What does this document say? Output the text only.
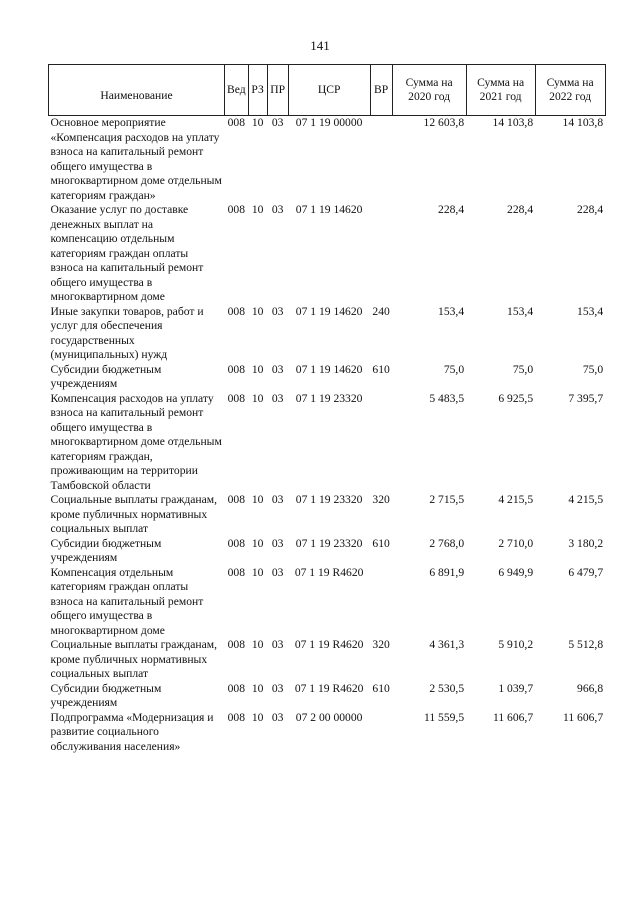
141
Наименование	Вед	РЗ	ПР	ЦСР	ВР	Сумма на 2020 год	Сумма на 2021 год	Сумма на 2022 год
Основное мероприятие «Компенсация расходов на уплату взноса на капитальный ремонт общего имущества в многоквартирном доме отдельным категориям граждан»	008	10	03	07 1 19 00000		12 603,8	14 103,8	14 103,8
Оказание услуг по доставке денежных выплат на компенсацию отдельным категориям граждан оплаты взноса на капитальный ремонт общего имущества в многоквартирном доме	008	10	03	07 1 19 14620		228,4	228,4	228,4
Иные закупки товаров, работ и услуг для обеспечения государственных (муниципальных) нужд	008	10	03	07 1 19 14620	240	153,4	153,4	153,4
Субсидии бюджетным учреждениям	008	10	03	07 1 19 14620	610	75,0	75,0	75,0
Компенсация расходов на уплату взноса на капитальный ремонт общего имущества в многоквартирном доме отдельным категориям граждан, проживающим на территории Тамбовской области	008	10	03	07 1 19 23320		5 483,5	6 925,5	7 395,7
Социальные выплаты гражданам, кроме публичных нормативных социальных выплат	008	10	03	07 1 19 23320	320	2 715,5	4 215,5	4 215,5
Субсидии бюджетным учреждениям	008	10	03	07 1 19 23320	610	2 768,0	2 710,0	3 180,2
Компенсация отдельным категориям граждан оплаты взноса на капитальный ремонт общего имущества в многоквартирном доме	008	10	03	07 1 19 R4620		6 891,9	6 949,9	6 479,7
Социальные выплаты гражданам, кроме публичных нормативных социальных выплат	008	10	03	07 1 19 R4620	320	4 361,3	5 910,2	5 512,8
Субсидии бюджетным учреждениям	008	10	03	07 1 19 R4620	610	2 530,5	1 039,7	966,8
Подпрограмма «Модернизация и развитие социального обслуживания населения»	008	10	03	07 2 00 00000		11 559,5	11 606,7	11 606,7
